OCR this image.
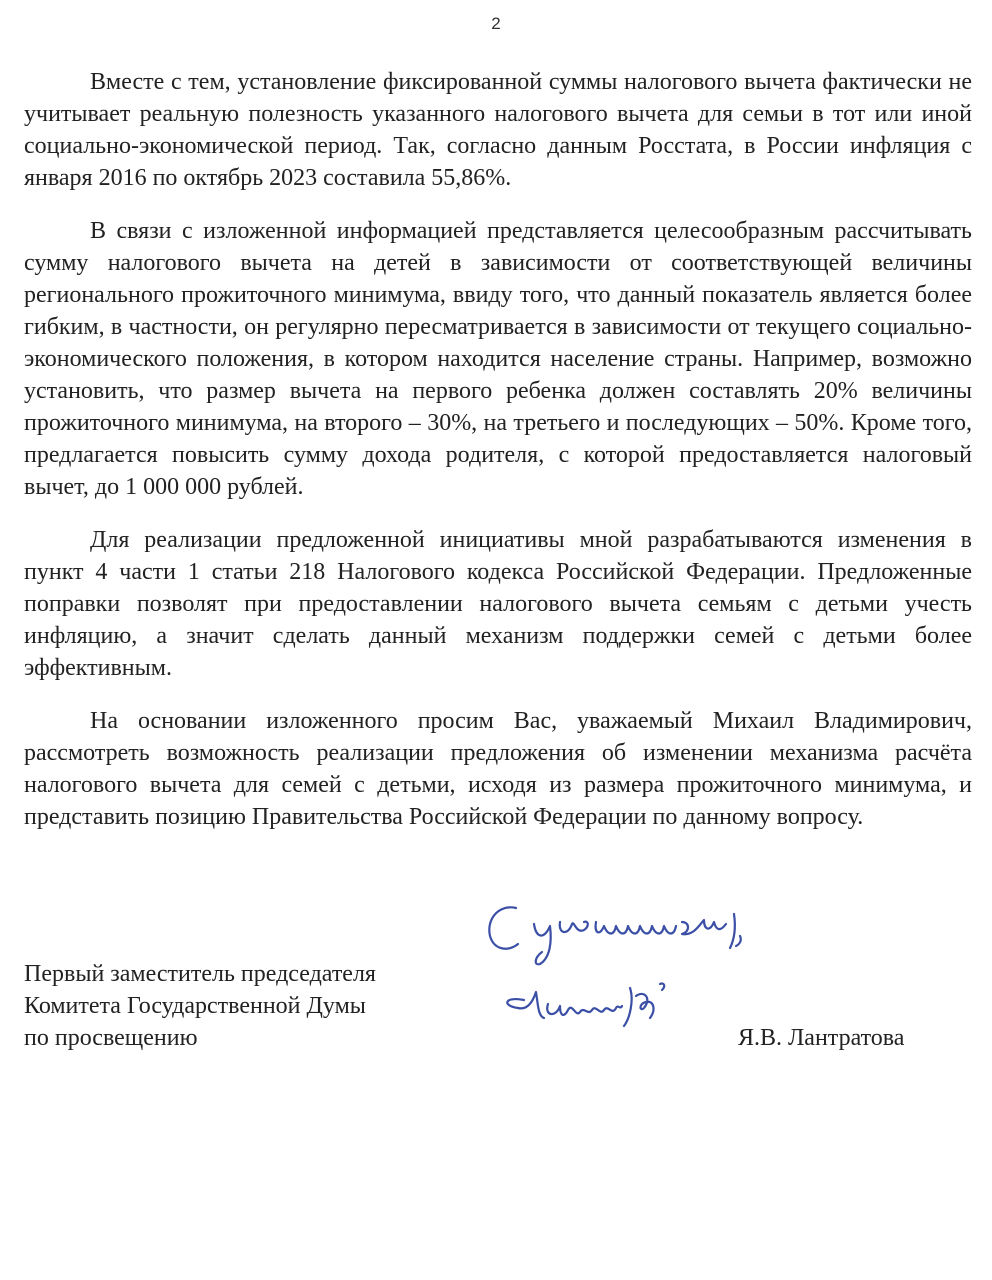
2

Вместе с тем, установление фиксированной суммы налогового вычета фактически не учитывает реальную полезность указанного налогового вычета для семьи в тот или иной социально-экономической период. Так, согласно данным Росстата, в России инфляция с января 2016 по октябрь 2023 составила 55,86%.

В связи с изложенной информацией представляется целесообразным рассчитывать сумму налогового вычета на детей в зависимости от соответствующей величины регионального прожиточного минимума, ввиду того, что данный показатель является более гибким, в частности, он регулярно пересматривается в зависимости от текущего социально-экономического положения, в котором находится население страны. Например, возможно установить, что размер вычета на первого ребенка должен составлять 20% величины прожиточного минимума, на второго – 30%, на третьего и последующих – 50%. Кроме того, предлагается повысить сумму дохода родителя, с которой предоставляется налоговый вычет, до 1 000 000 рублей.

Для реализации предложенной инициативы мной разрабатываются изменения в пункт 4 части 1 статьи 218 Налогового кодекса Российской Федерации. Предложенные поправки позволят при предоставлении налогового вычета семьям с детьми учесть инфляцию, а значит сделать данный механизм поддержки семей с детьми более эффективным.

На основании изложенного просим Вас, уважаемый Михаил Владимирович, рассмотреть возможность реализации предложения об изменении механизма расчёта налогового вычета для семей с детьми, исходя из размера прожиточного минимума, и представить позицию Правительства Российской Федерации по данному вопросу.

Первый заместитель председателя
Комитета Государственной Думы
по просвещению	Я.В. Лантратова
